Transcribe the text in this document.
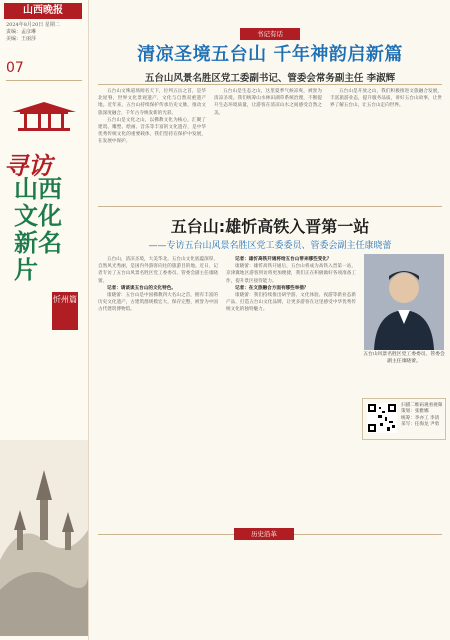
山西晚报
2024年8月20日 星期二
责编：孟彦琳
美编：王丽莎
07
寻访
山西文化新名片
忻州篇
书记有话
清凉圣境五台山 千年神韵启新篇
五台山风景名胜区党工委副书记、管委会常务副主任 李淑辉

五台山文殊道场闻名天下，位列五岳之首，是华北屋脊，世界文化景观遗产，文化与自然双重遗产地。近年来，五台山持续保护传承历史文脉，推动文旅深度融合，千年古寺焕发新的光彩。

五台山是文化之山，以佛教文化为核心，汇聚了建筑、雕塑、绘画、音乐等丰富的文化遗存，是中华优秀传统文化的重要载体，我们坚持在保护中发展，在发展中保护。

五台山是生态之山，这里夏季气候凉爽，被誉为清凉圣境。我们统筹山水林田湖草系统治理，不断提升生态环境质量，让游客在清凉山水之间感受自然之美。

五台山是开放之山，我们积极推进文旅融合发展，丰富旅游业态，提升服务品质，讲好五台山故事，让世界了解五台山，让五台山走向世界。

五台山:雄忻高铁入晋第一站
——专访五台山风景名胜区党工委委员、管委会副主任康晓蕾

五台山，清凉圣境，大美华北。五台山文化底蕴深厚，自然风光秀丽，是国内外游客向往的旅游目的地。近日，记者专访了五台山风景名胜区党工委委员、管委会副主任康晓蕾。

记者：请谈谈五台山的文化特色。

康晓蕾：五台山是中国佛教四大名山之首，拥有丰富的历史文化遗产，古建筑群规模宏大，保存完整，被誉为中国古代建筑博物馆。

记者：雄忻高铁开通将给五台山带来哪些变化？

康晓蕾：雄忻高铁开通后，五台山将成为高铁入晋第一站，京津冀地区游客到访将更加便捷，我们正在积极做好各项准备工作，提升景区接待能力。

记者：在文旅融合方面有哪些举措？

康晓蕾：我们持续推出研学游、文化体验、夜游等新业态新产品，打造五台山文化品牌，让更多游客在这里感受中华优秀传统文化的独特魅力。

五台山风景名胜区党工委委员、管委会副主任康晓蕾。
扫描二维码观看视频
策划：张雅娜
统筹：李亦工 李清
采写：任海龙 尹勇
历史沿革
